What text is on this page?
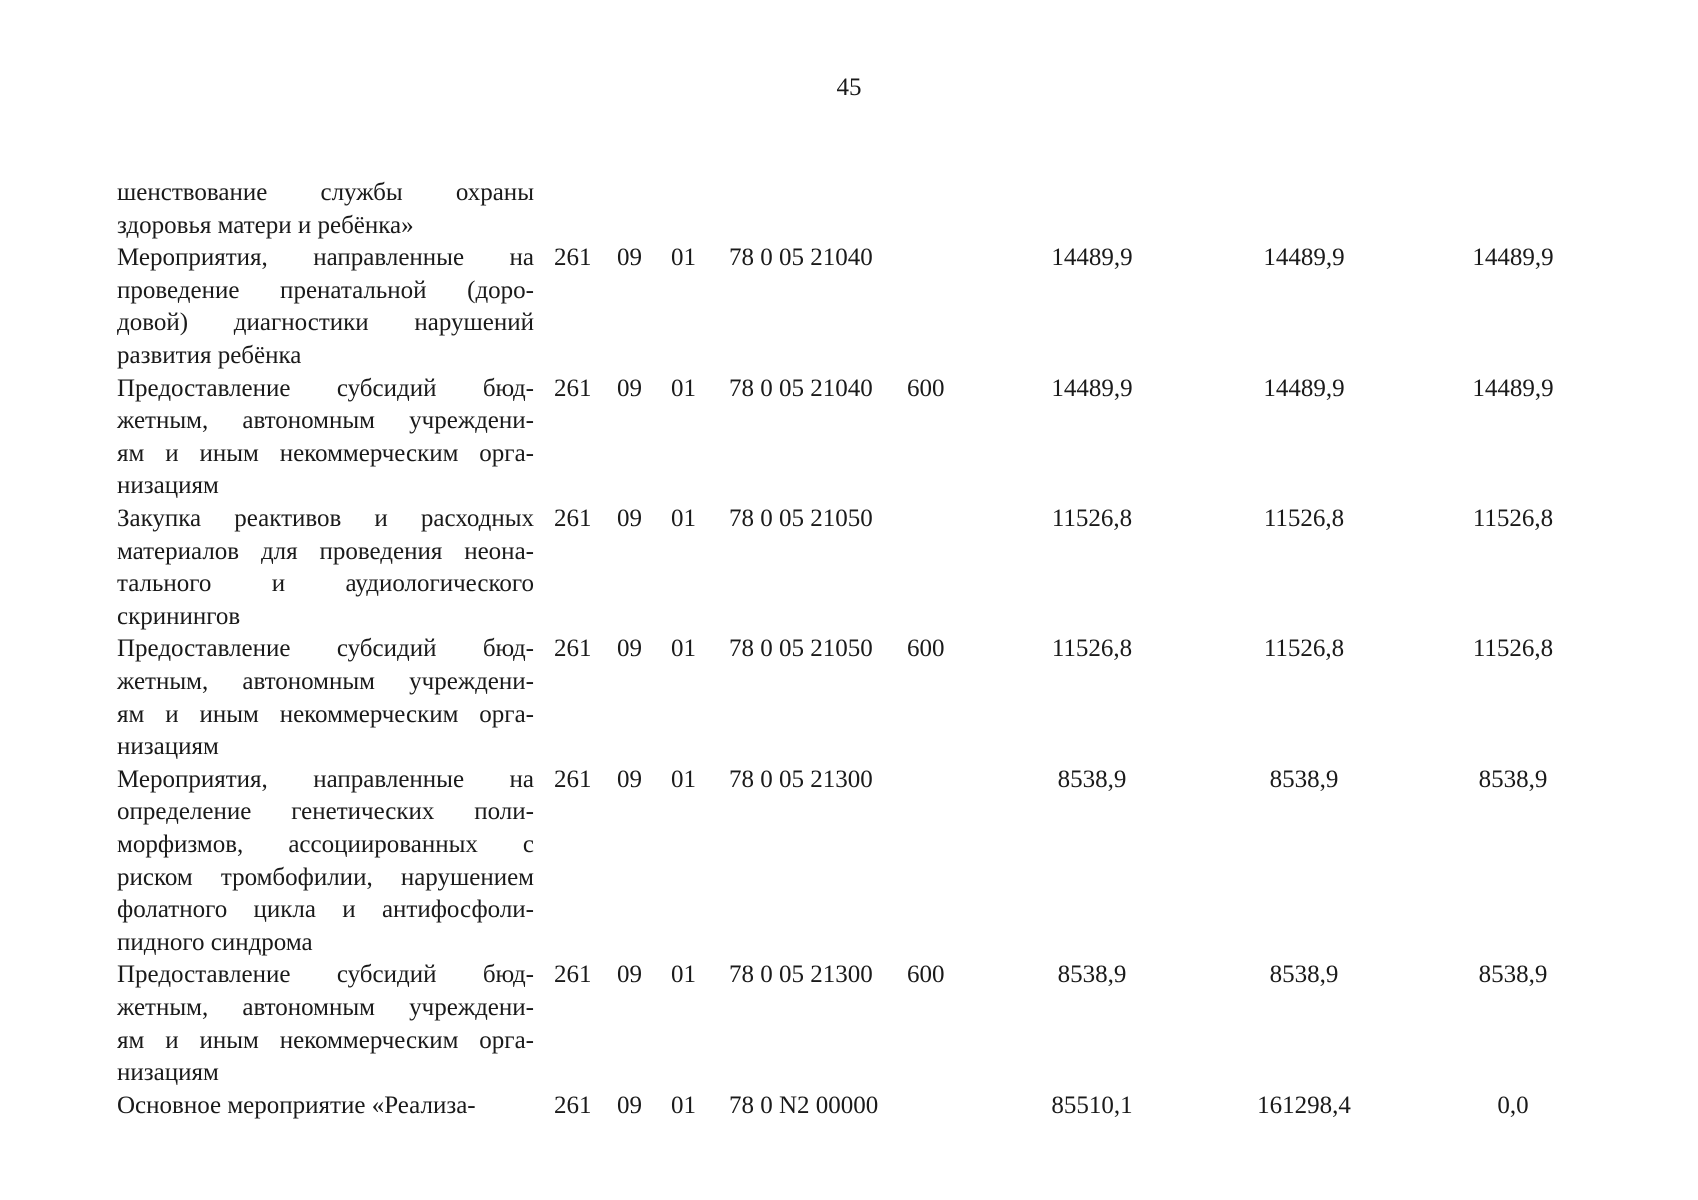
45
шенствование службы охраны
здоровья матери и ребёнка»
Мероприятия, направленные на
проведение пренатальной (доро-
довой) диагностики нарушений
развития ребёнка
261 09 01 78 0 05 21040	14489,9	14489,9	14489,9
Предоставление субсидий бюд-
жетным, автономным учреждени-
ям и иным некоммерческим орга-
низациям
261 09 01 78 0 05 21040 600	14489,9	14489,9	14489,9
Закупка реактивов и расходных
материалов для проведения неона-
тального и аудиологического
скринингов
261 09 01 78 0 05 21050	11526,8	11526,8	11526,8
Предоставление субсидий бюд-
жетным, автономным учреждени-
ям и иным некоммерческим орга-
низациям
261 09 01 78 0 05 21050 600	11526,8	11526,8	11526,8
Мероприятия, направленные на
определение генетических поли-
морфизмов, ассоциированных с
риском тромбофилии, нарушением
фолатного цикла и антифосфоли-
пидного синдрома
261 09 01 78 0 05 21300	8538,9	8538,9	8538,9
Предоставление субсидий бюд-
жетным, автономным учреждени-
ям и иным некоммерческим орга-
низациям
261 09 01 78 0 05 21300 600	8538,9	8538,9	8538,9
Основное мероприятие «Реализа-	261 09 01 78 0 N2 00000	85510,1	161298,4	0,0
